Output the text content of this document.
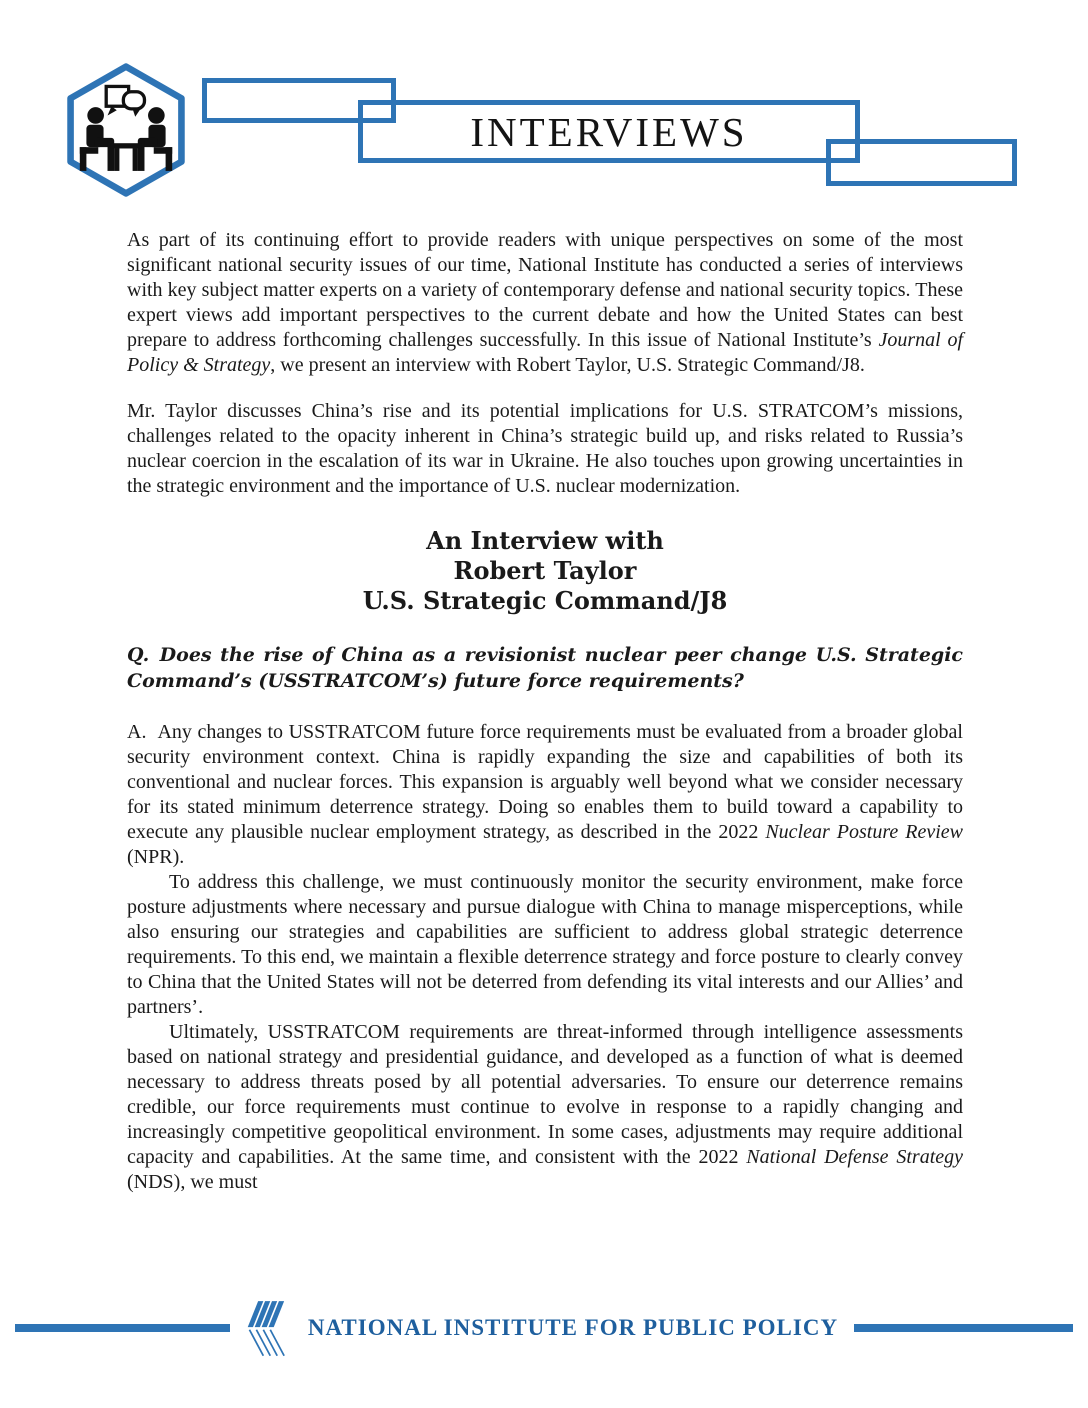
INTERVIEWS

As part of its continuing effort to provide readers with unique perspectives on some of the most significant national security issues of our time, National Institute has conducted a series of interviews with key subject matter experts on a variety of contemporary defense and national security topics. These expert views add important perspectives to the current debate and how the United States can best prepare to address forthcoming challenges successfully. In this issue of National Institute’s Journal of Policy & Strategy, we present an interview with Robert Taylor, U.S. Strategic Command/J8.

Mr. Taylor discusses China’s rise and its potential implications for U.S. STRATCOM’s missions, challenges related to the opacity inherent in China’s strategic build up, and risks related to Russia’s nuclear coercion in the escalation of its war in Ukraine. He also touches upon growing uncertainties in the strategic environment and the importance of U.S. nuclear modernization.

An Interview with
Robert Taylor
U.S. Strategic Command/J8

Q. Does the rise of China as a revisionist nuclear peer change U.S. Strategic Command’s (USSTRATCOM’s) future force requirements?

A. Any changes to USSTRATCOM future force requirements must be evaluated from a broader global security environment context. China is rapidly expanding the size and capabilities of both its conventional and nuclear forces. This expansion is arguably well beyond what we consider necessary for its stated minimum deterrence strategy. Doing so enables them to build toward a capability to execute any plausible nuclear employment strategy, as described in the 2022 Nuclear Posture Review (NPR).

To address this challenge, we must continuously monitor the security environment, make force posture adjustments where necessary and pursue dialogue with China to manage misperceptions, while also ensuring our strategies and capabilities are sufficient to address global strategic deterrence requirements. To this end, we maintain a flexible deterrence strategy and force posture to clearly convey to China that the United States will not be deterred from defending its vital interests and our Allies’ and partners’.

Ultimately, USSTRATCOM requirements are threat-informed through intelligence assessments based on national strategy and presidential guidance, and developed as a function of what is deemed necessary to address threats posed by all potential adversaries. To ensure our deterrence remains credible, our force requirements must continue to evolve in response to a rapidly changing and increasingly competitive geopolitical environment. In some cases, adjustments may require additional capacity and capabilities. At the same time, and consistent with the 2022 National Defense Strategy (NDS), we must

NATIONAL INSTITUTE FOR PUBLIC POLICY
